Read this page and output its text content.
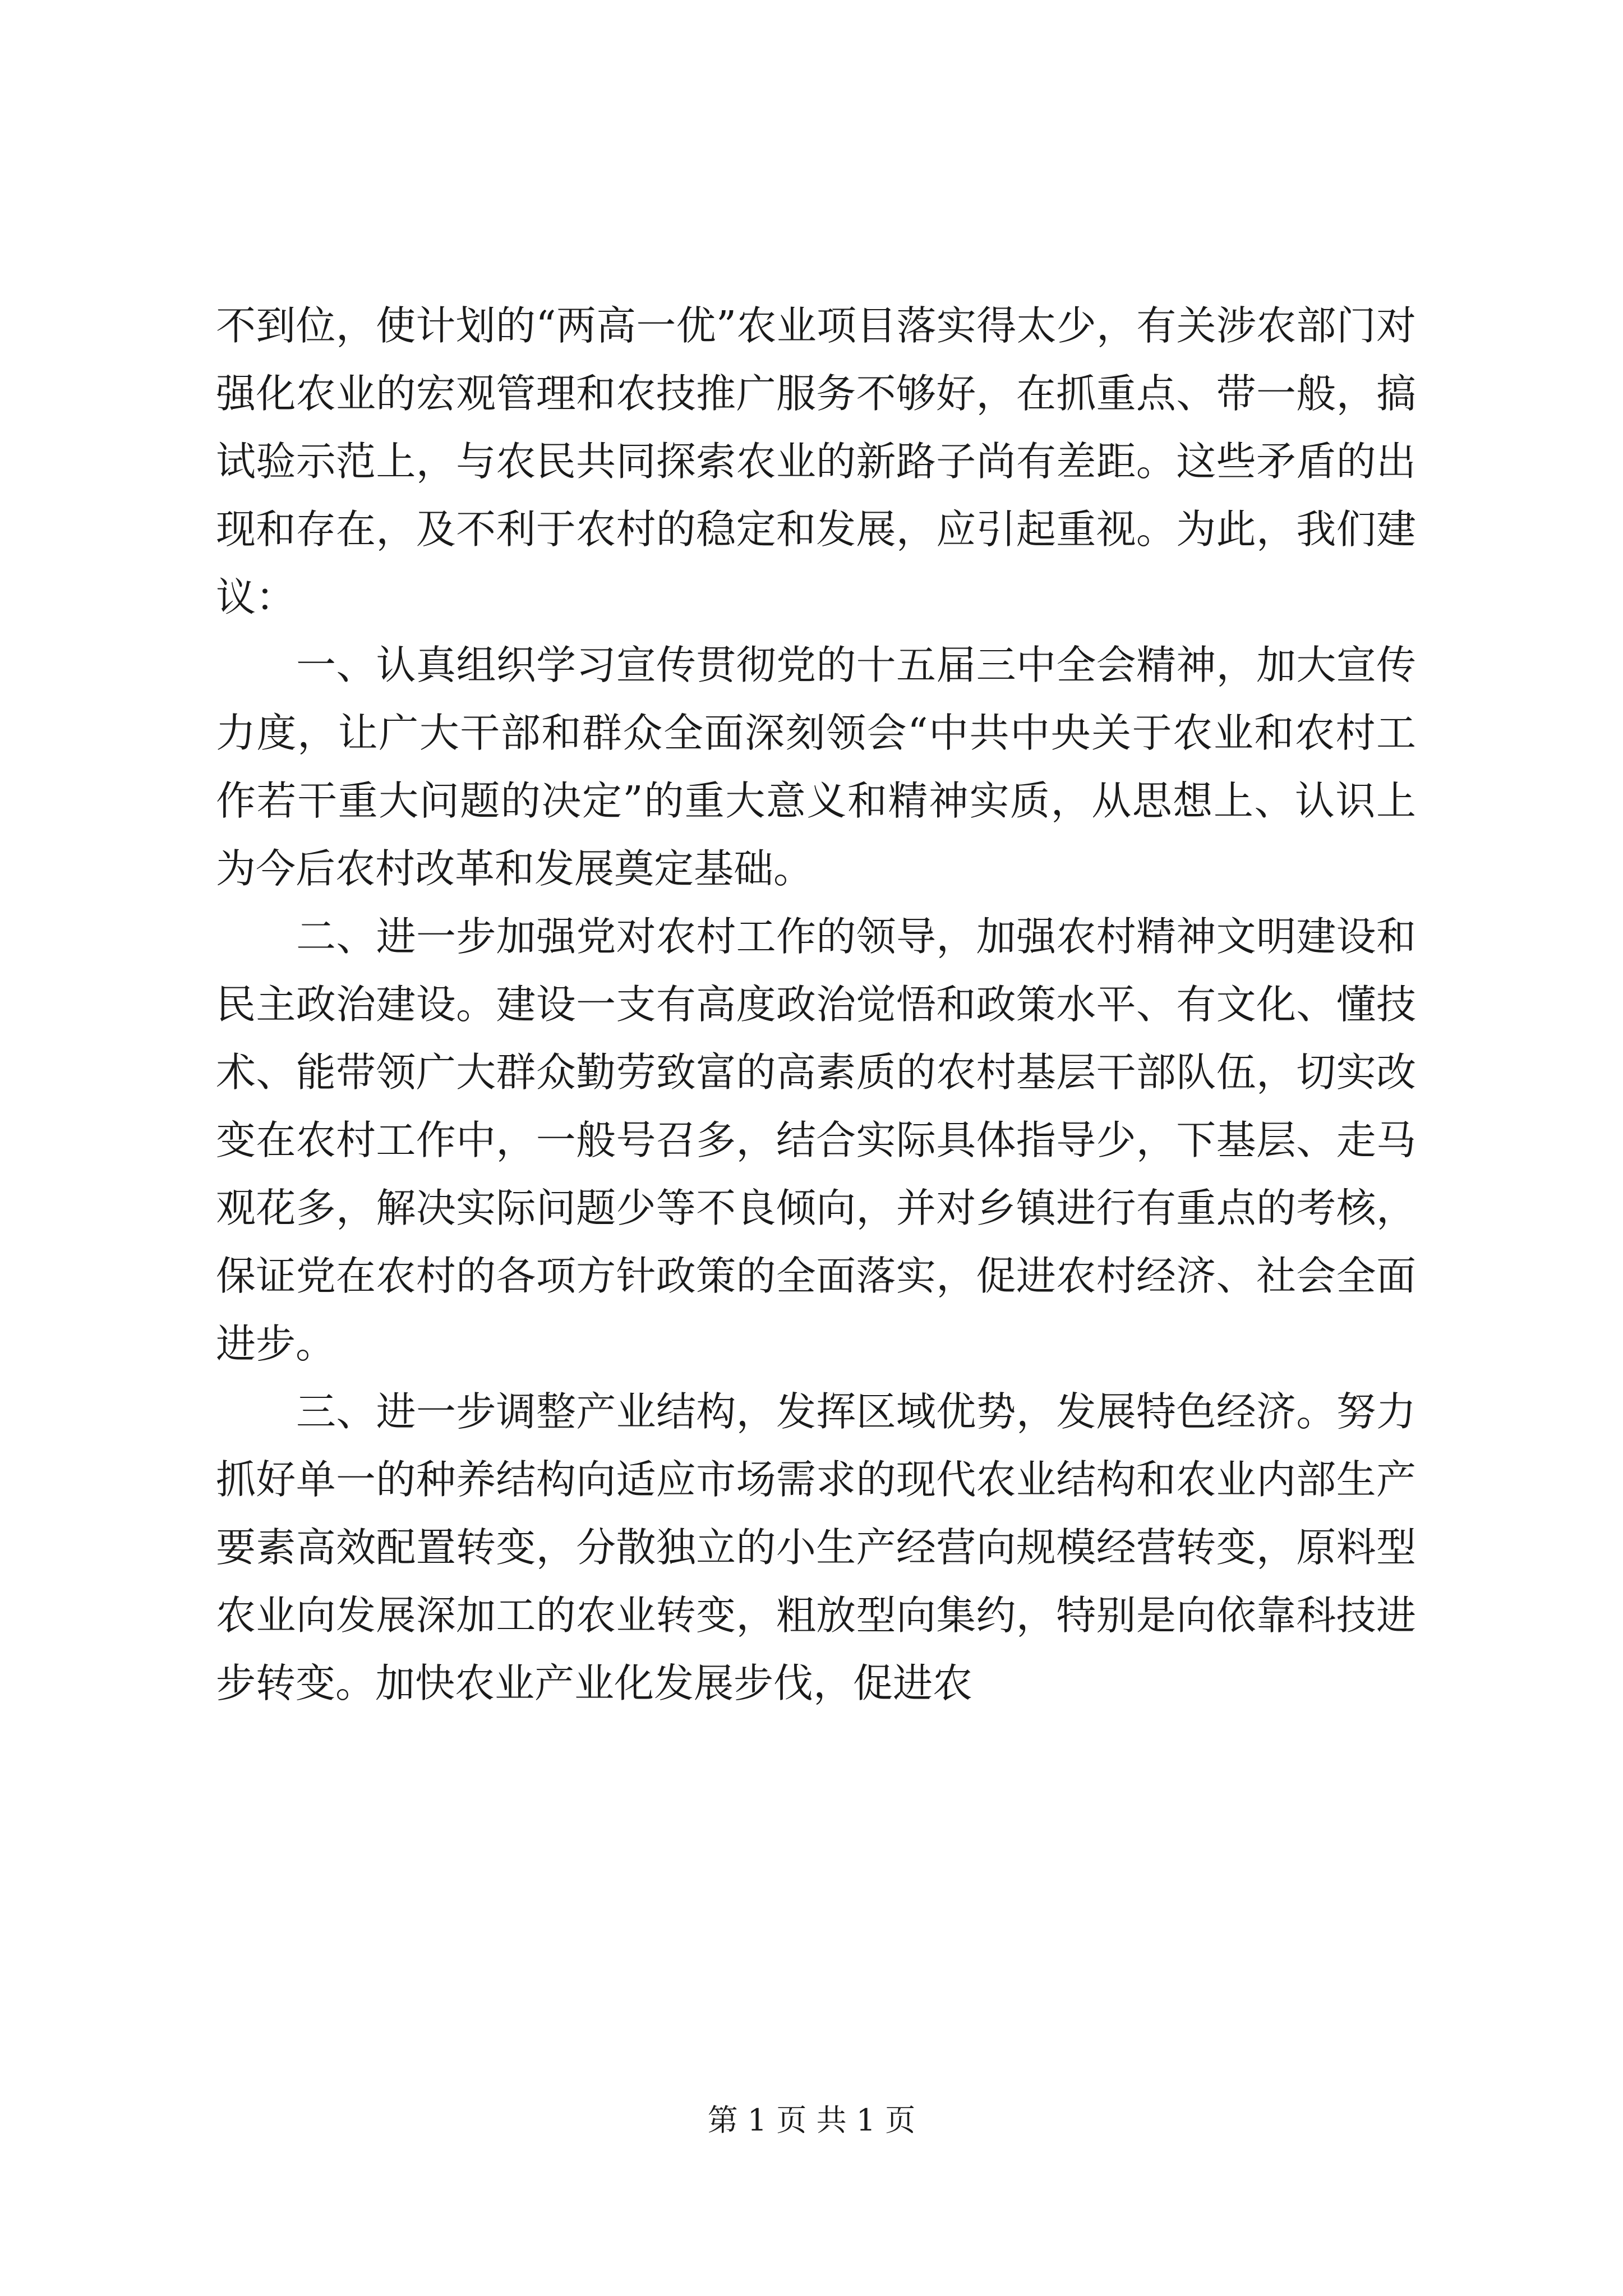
不到位，使计划的“两高一优”农业项目落实得太少，有关涉农部门对强化农业的宏观管理和农技推广服务不够好，在抓重点、带一般，搞试验示范上，与农民共同探索农业的新路子尚有差距。这些矛盾的出现和存在，及不利于农村的稳定和发展，应引起重视。为此，我们建议：

一、认真组织学习宣传贯彻党的十五届三中全会精神，加大宣传力度，让广大干部和群众全面深刻领会“中共中央关于农业和农村工作若干重大问题的决定”的重大意义和精神实质，从思想上、认识上为今后农村改革和发展奠定基础。

二、进一步加强党对农村工作的领导，加强农村精神文明建设和民主政治建设。建设一支有高度政治觉悟和政策水平、有文化、懂技术、能带领广大群众勤劳致富的高素质的农村基层干部队伍，切实改变在农村工作中，一般号召多，结合实际具体指导少，下基层、走马观花多，解决实际问题少等不良倾向，并对乡镇进行有重点的考核，保证党在农村的各项方针政策的全面落实，促进农村经济、社会全面进步。

三、进一步调整产业结构，发挥区域优势，发展特色经济。努力抓好单一的种养结构向适应市场需求的现代农业结构和农业内部生产要素高效配置转变，分散独立的小生产经营向规模经营转变，原料型农业向发展深加工的农业转变，粗放型向集约，特别是向依靠科技进步转变。加快农业产业化发展步伐，促进农

第 1 页 共 1 页
